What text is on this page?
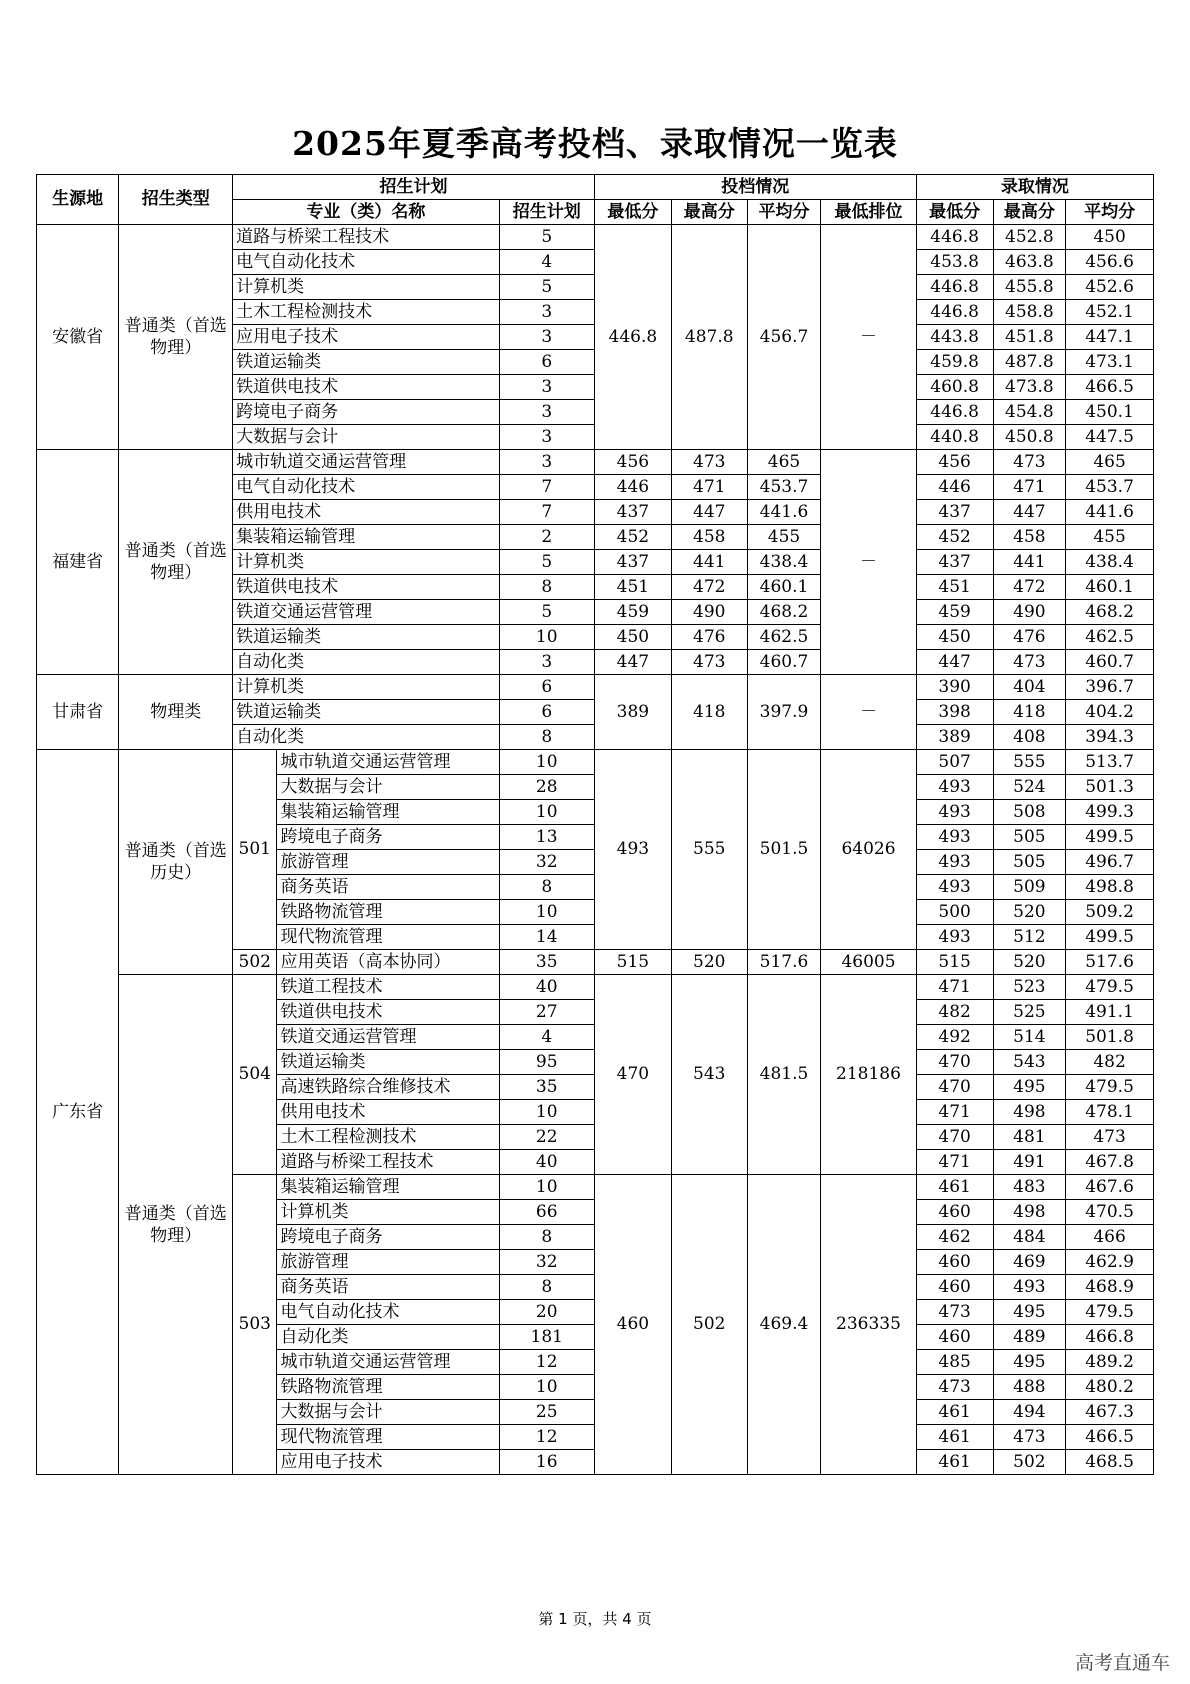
2025年夏季高考投档、录取情况一览表
生源地	招生类型	招生计划			投档情况				录取情况		
		专业（类）名称		招生计划	最低分	最高分	平均分	最低排位	最低分	最高分	平均分
安徽省	普通类（首选物理）	道路与桥梁工程技术		5	446.8	487.8	456.7	－	446.8	452.8	450
		电气自动化技术		4					453.8	463.8	456.6
		计算机类		5					446.8	455.8	452.6
		土木工程检测技术		3					446.8	458.8	452.1
		应用电子技术		3					443.8	451.8	447.1
		铁道运输类		6					459.8	487.8	473.1
		铁道供电技术		3					460.8	473.8	466.5
		跨境电子商务		3					446.8	454.8	450.1
		大数据与会计		3					440.8	450.8	447.5
福建省	普通类（首选物理）	城市轨道交通运营管理		3	456	473	465	－	456	473	465
		电气自动化技术		7	446	471	453.7		446	471	453.7
		供用电技术		7	437	447	441.6		437	447	441.6
		集装箱运输管理		2	452	458	455		452	458	455
		计算机类		5	437	441	438.4		437	441	438.4
		铁道供电技术		8	451	472	460.1		451	472	460.1
		铁道交通运营管理		5	459	490	468.2		459	490	468.2
		铁道运输类		10	450	476	462.5		450	476	462.5
		自动化类		3	447	473	460.7		447	473	460.7
甘肃省	物理类	计算机类		6	389	418	397.9	－	390	404	396.7
		铁道运输类		6					398	418	404.2
		自动化类		8					389	408	394.3
广东省	普通类（首选历史）	501	城市轨道交通运营管理	10	493	555	501.5	64026	507	555	513.7
			大数据与会计	28					493	524	501.3
			集装箱运输管理	10					493	508	499.3
			跨境电子商务	13					493	505	499.5
			旅游管理	32					493	505	496.7
			商务英语	8					493	509	498.8
			铁路物流管理	10					500	520	509.2
			现代物流管理	14					493	512	499.5
		502	应用英语（高本协同）	35	515	520	517.6	46005	515	520	517.6
	普通类（首选物理）	504	铁道工程技术	40	470	543	481.5	218186	471	523	479.5
			铁道供电技术	27					482	525	491.1
			铁道交通运营管理	4					492	514	501.8
			铁道运输类	95					470	543	482
			高速铁路综合维修技术	35					470	495	479.5
			供用电技术	10					471	498	478.1
			土木工程检测技术	22					470	481	473
			道路与桥梁工程技术	40					471	491	467.8
		503	集装箱运输管理	10	460	502	469.4	236335	461	483	467.6
			计算机类	66					460	498	470.5
			跨境电子商务	8					462	484	466
			旅游管理	32					460	469	462.9
			商务英语	8					460	493	468.9
			电气自动化技术	20					473	495	479.5
			自动化类	181					460	489	466.8
			城市轨道交通运营管理	12					485	495	489.2
			铁路物流管理	10					473	488	480.2
			大数据与会计	25					461	494	467.3
			现代物流管理	12					461	473	466.5
			应用电子技术	16					461	502	468.5
第 1 页，共 4 页
高考直通车
